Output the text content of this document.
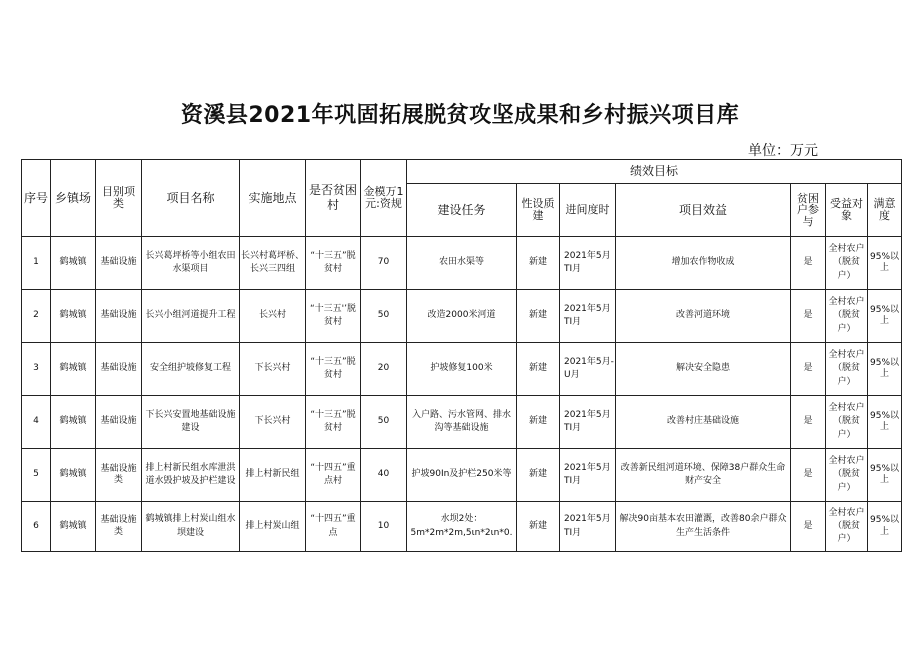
资溪县2021年巩固拓展脱贫攻坚成果和乡村振兴项目库
单位：万元
序号	乡镇场	目别项类	项目名称	实施地点	是否贫困村	金模万1元:资规	绩效目标						
							建设任务	性设质建	进间度时	项目效益	贫困户参与	受益对象	满意度
1	鹤城镇	基础设施	长兴葛坪桥等小组农田水渠项目	长兴村葛坪桥、长兴三四组	“十三五”脱贫村	70	农田水渠等	新建	2021年5月TI月	增加农作物收成	是	全村农户（脱贫户）	95%以上
2	鹤城镇	基础设施	长兴小组河道提升工程	长兴村	“十三五'’脱贫村	50	改造2000米河道	新建	2021年5月TI月	改善河道环境	是	全村农户（脱贫户）	95%以上
3	鹤城镇	基础设施	安全组护坡修复工程	下长兴村	“十三五”脱贫村	20	护坡修复100米	新建	2021年5月-U月	解决安全隐患	是	全村农户（脱贫户）	95%以上
4	鹤城镇	基础设施	下长兴安置地基础设施建设	下长兴村	“十三五”脱贫村	50	入户路、污水管网、排水沟等基础设施	新建	2021年5月TI月	改善村庄基础设施	是	全村农户（脱贫户）	95%以上
5	鹤城镇	基础设施类	排上村新民组水库泄洪道水毁护坡及护栏建设	排上村新民组	“十四五”重点村	40	护坡90In及护栏250米等	新建	2021年5月TI月	改善新民组河道环境、保障38户群众生命财产安全	是	全村农户（脱贫户）	95%以上
6	鹤城镇	基础设施类	鹤城镇排上村炭山组水坝建设	排上村炭山组	“十四五”重点	10	水坝2处：5m*2m*2m,5ιn*2ιn*0.	新建	2021年5月TI月	解决90亩基本农田灌溉，改善80余户群众生产生活条件	是	全村农户（脱贫户）	95%以上
